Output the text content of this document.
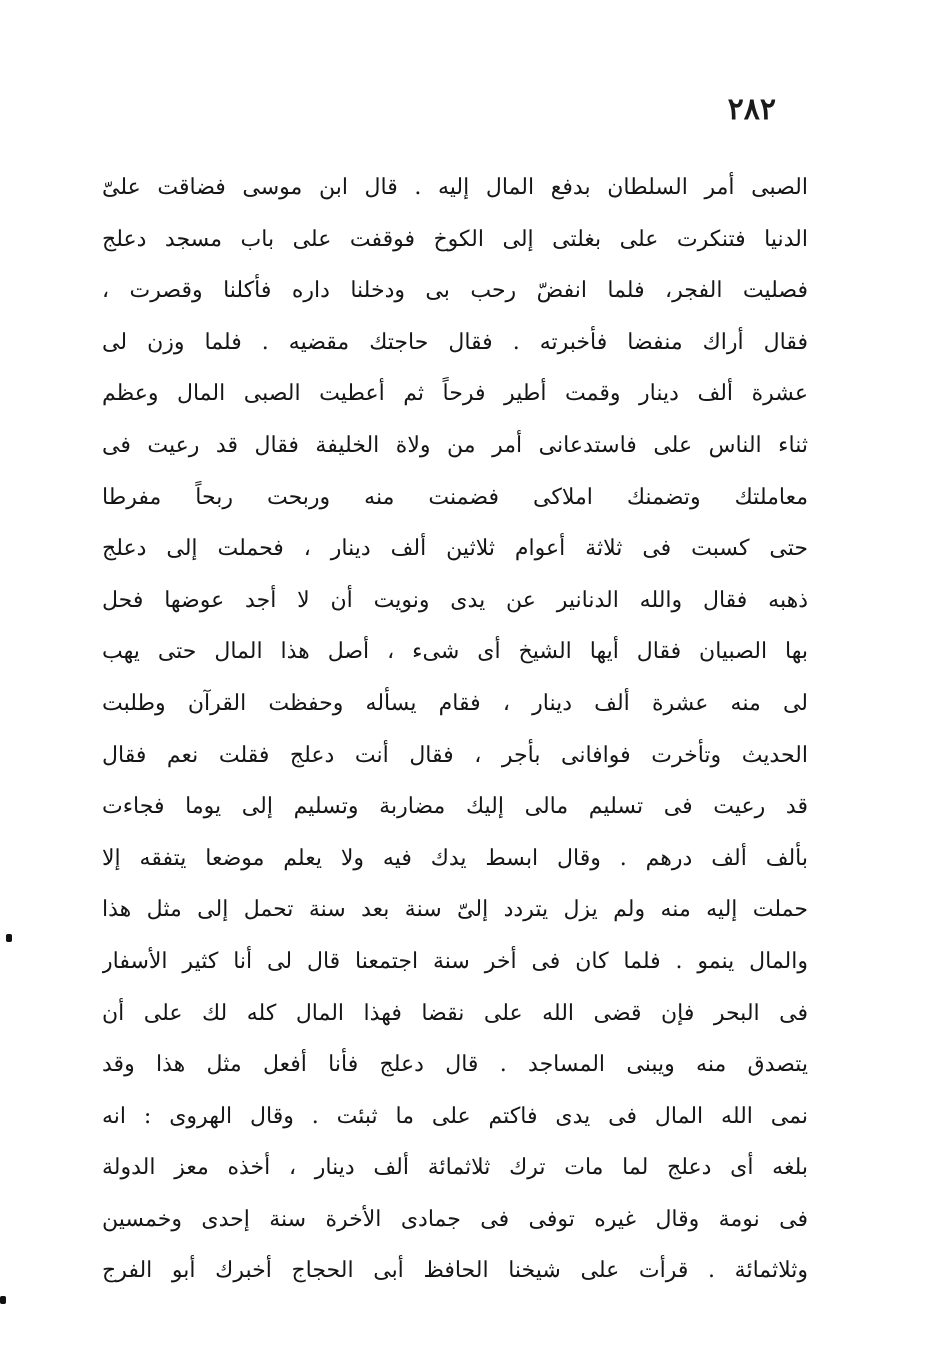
٢٨٢
الصبى أمر السلطان بدفع المال إليه . قال ابن موسى فضاقت علىّ
الدنيا فتنكرت على بغلتى إلى الكوخ فوقفت على باب مسجد دعلج
فصليت الفجر، فلما انفضّ رحب بى ودخلنا داره فأكلنا وقصرت ،
فقال أراك منفضا فأخبرته . فقال حاجتك مقضيه . فلما وزن لى
عشرة ألف دينار وقمت أطير فرحاً ثم أعطيت الصبى المال وعظم
ثناء الناس على فاستدعانى أمر من ولاة الخليفة فقال قد رعيت فى
معاملتك وتضمنك املاكى فضمنت منه وربحت ربحاً مفرطا
حتى كسبت فى ثلاثة أعوام ثلاثين ألف دينار ، فحملت إلى دعلج
ذهبه فقال والله الدنانير عن يدى ونويت أن لا أجد عوضها فحل
بها الصبيان فقال أيها الشيخ أى شىء ، أصل هذا المال حتى يهب
لى منه عشرة ألف دينار ، فقام يسأله وحفظت القرآن وطلبت
الحديث وتأخرت فوافانى بأجر ، فقال أنت دعلج فقلت نعم فقال
قد رعيت فى تسليم مالى إليك مضاربة وتسليم إلى يوما فجاءت
بألف ألف درهم . وقال ابسط يدك فيه ولا يعلم موضعا يتفقه إلا
حملت إليه منه ولم يزل يتردد إلىّ سنة بعد سنة تحمل إلى مثل هذا
والمال ينمو . فلما كان فى أخر سنة اجتمعنا قال لى أنا كثير الأسفار
فى البحر فإن قضى الله على نقضا فهذا المال كله لك على أن
يتصدق منه ويبنى المساجد . قال دعلج فأنا أفعل مثل هذا وقد
نمى الله المال فى يدى فاكتم على ما ثبئت . وقال الهروى : انه
بلغه أى دعلج لما مات ترك ثلاثمائة ألف دينار ، أخذه معز الدولة
فى نومة وقال غيره توفى فى جمادى الأخرة سنة إحدى وخمسين
وثلاثمائة . قرأت على شيخنا الحافظ أبى الحجاج أخبرك أبو الفرج
